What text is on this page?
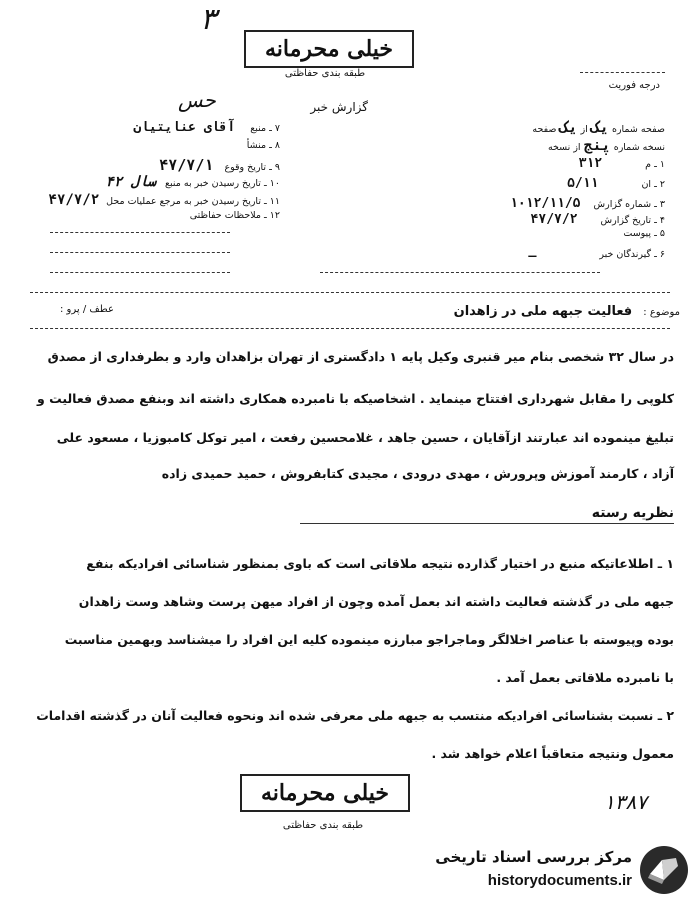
۳
خیلی محرمانه
طبقه بندی حفاظتی
حس	گزارش خبر
درجه فوریت
صفحه شماره یک از یک صفحه
نسخه شماره پنج از نسخه
۱ ـ م ۳۱۲
۲ ـ ان ۵/۱۱
۳ ـ شماره گزارش ۱۰۱۲/۱۱/۵
۴ ـ تاریخ گزارش ۴۷/۷/۲
۵ ـ پیوست
۶ ـ گیرندگان خبر ـ
۷ ـ منبع آقای عنایتیان
۸ ـ منشأ
۹ ـ تاریخ وقوع ۴۷/۷/۱
۱۰ ـ تاریخ رسیدن خبر به منبع سال ۴۲
۱۱ ـ تاریخ رسیدن خبر به مرجع عملیات محل ۴۷/۷/۲
۱۲ ـ ملاحظات حفاظتی
موضوع : فعالیت جبهه ملی در زاهدان
عطف / پرو :
در سال ۳۲ شخصی بنام میر قنبری وکیل پایه ۱ دادگستری از تهران بزاهدان وارد و بطرفداری از مصدق
کلوپی را مقابل شهرداری افتتاح مینماید . اشخاصیکه با نامبرده همکاری داشته اند وبنفع مصدق فعالیت و
تبلیغ مینموده اند عبارتند ازآقایان ، حسین جاهد ، غلامحسین رفعت ، امیر توکل کامبوزیا ، مسعود علی
آزاد ، کارمند آموزش وپرورش ، مهدی درودی ، مجیدی کتابفروش ، حمید حمیدی زاده
نظریه رسته
۱ ـ اطلاعاتیکه منبع در اختیار گذارده نتیجه ملاقاتی است که باوی بمنظور شناسائی افرادیکه بنفع
جبهه ملی در گذشته فعالیت داشته اند بعمل آمده وچون از افراد میهن پرست وشاهد وست زاهدان
بوده وپیوسته با عناصر اخلالگر وماجراجو مبارزه مینموده کلیه این افراد را میشناسد وبهمین مناسبت
با نامبرده ملاقاتی بعمل آمد .
۲ ـ نسبت بشناسائی افرادیکه منتسب به جبهه ملی معرفی شده اند ونحوه فعالیت آنان در گذشته اقدامات
معمول ونتیجه متعاقباً اعلام خواهد شد .
خیلی محرمانه
طبقه بندی حفاظتی
۱۳۸۷
مرکز بررسی اسناد تاریخی
historydocuments.ir
